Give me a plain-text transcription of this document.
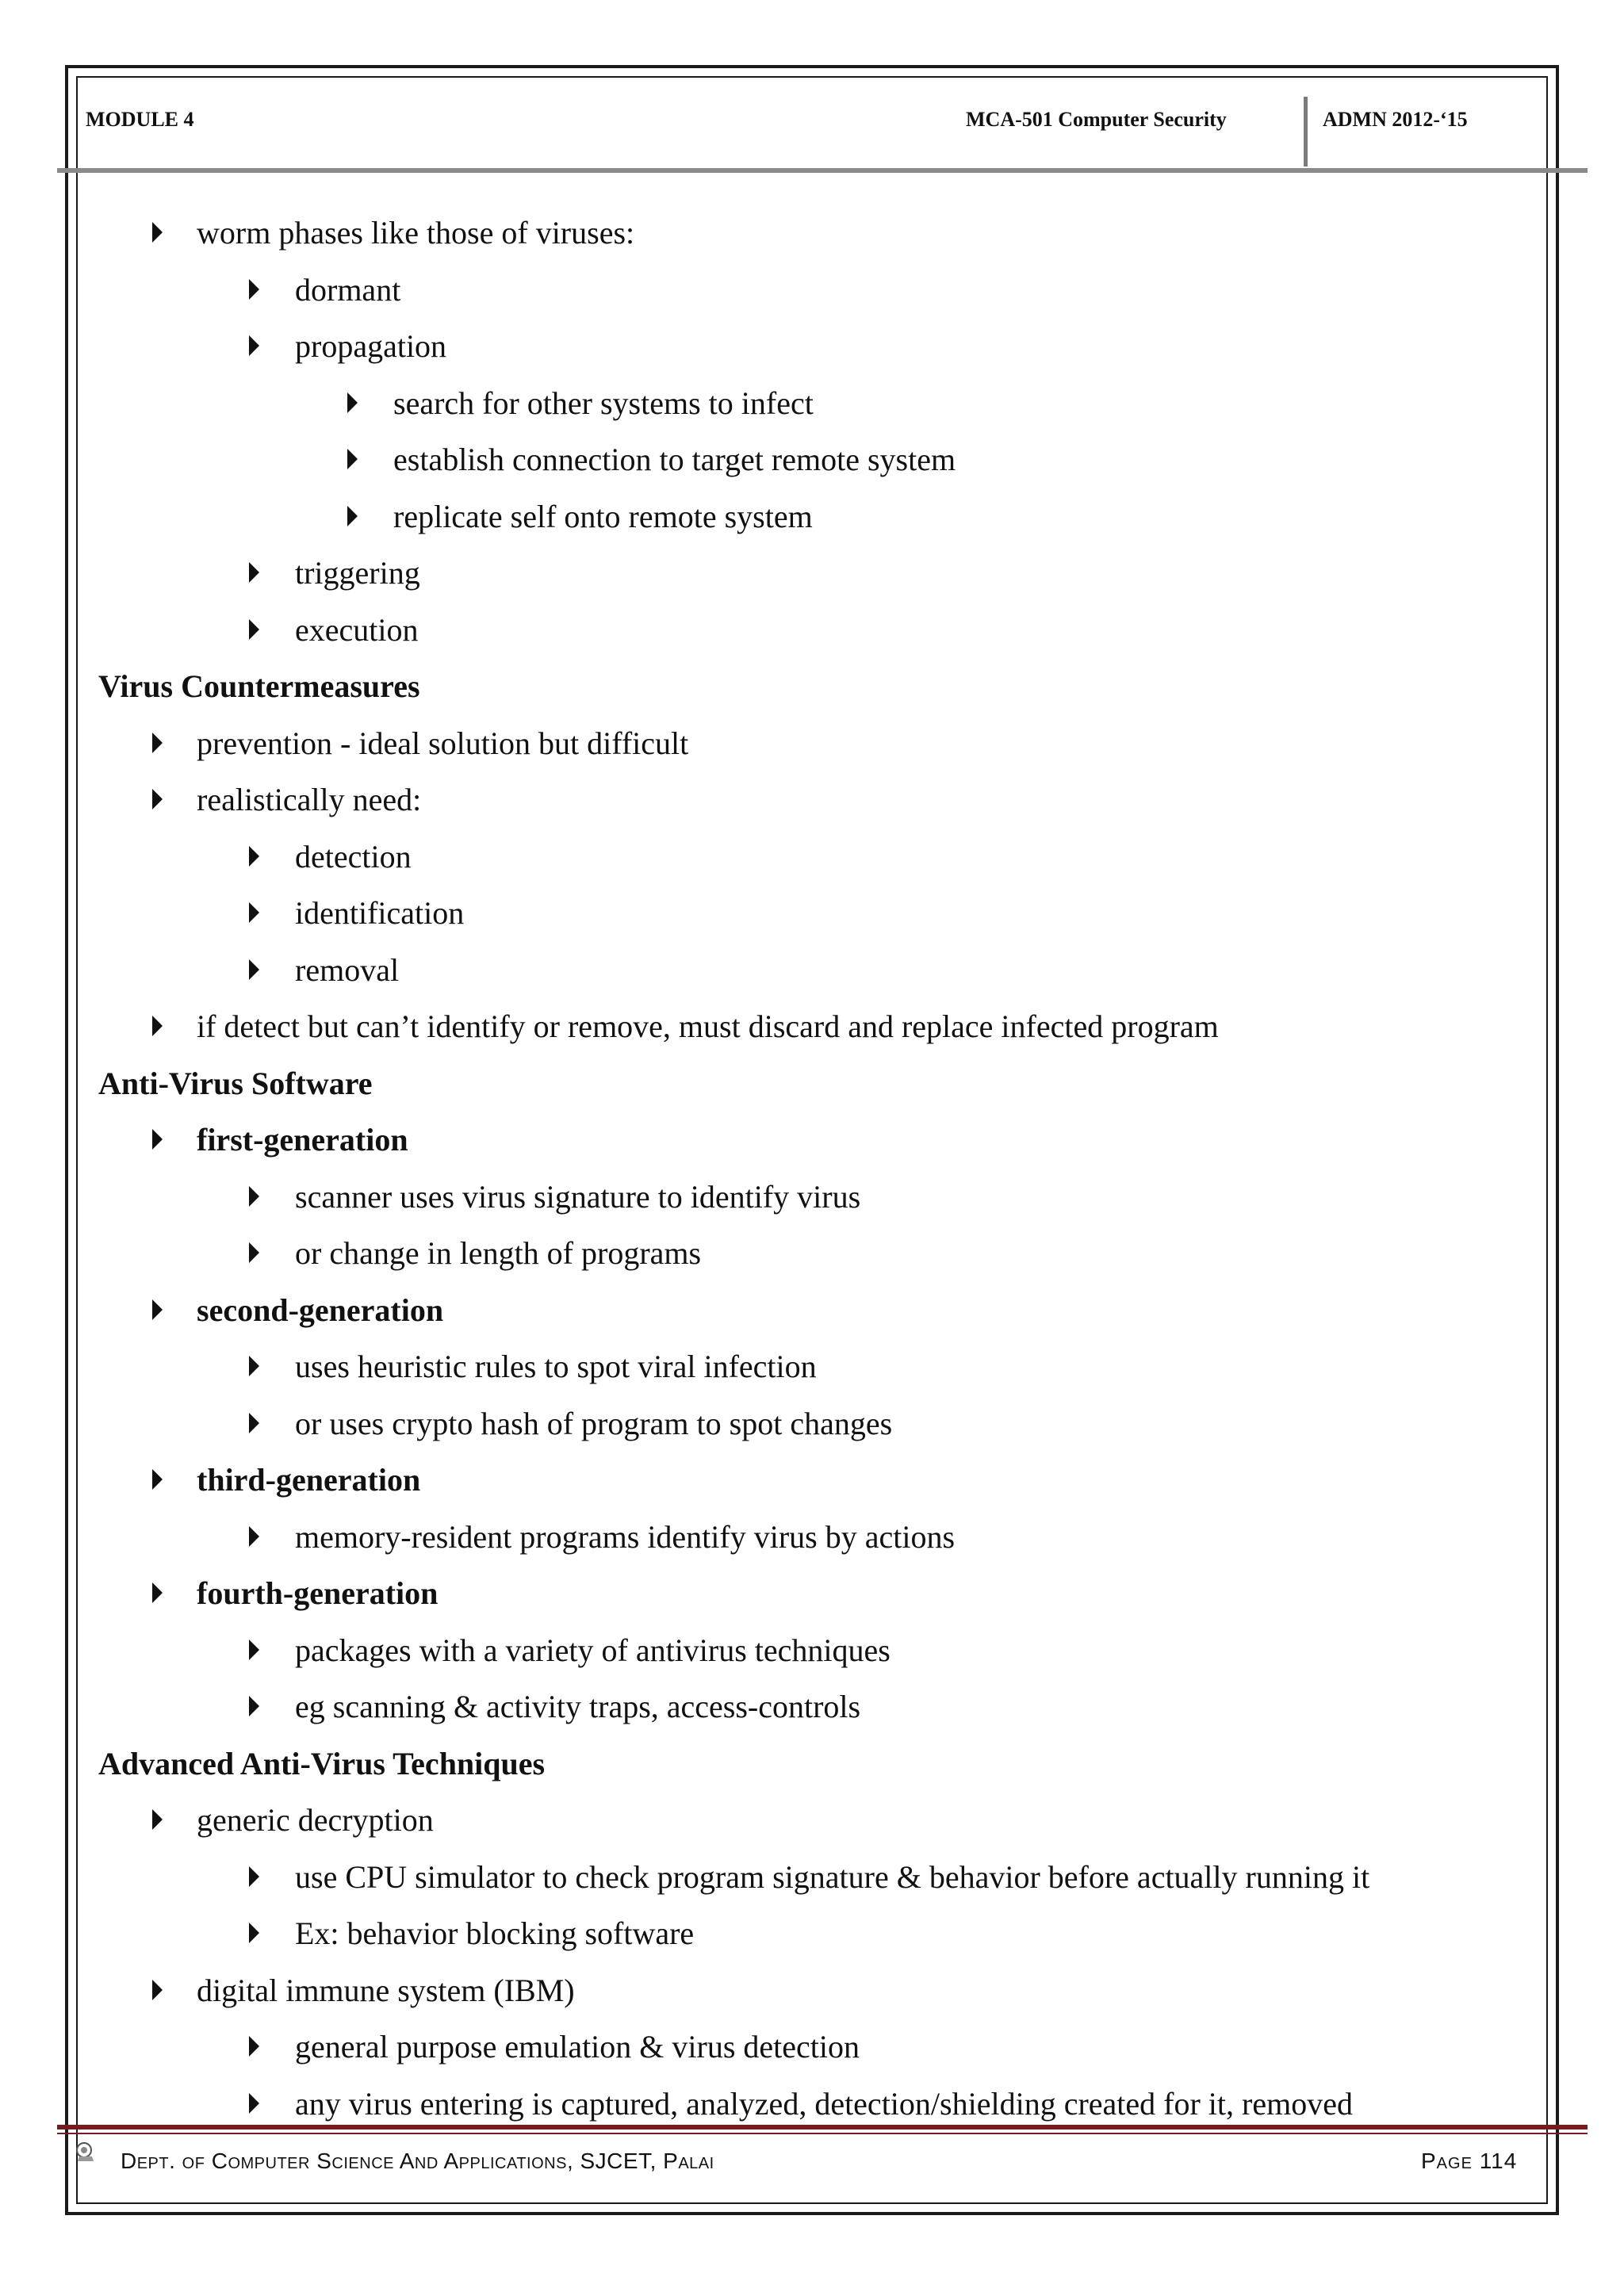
MODULE 4	MCA-501 Computer Security	ADMN 2012-‘15
worm phases like those of viruses:
dormant
propagation
search for other systems to infect
establish connection to target remote system
replicate self onto remote system
triggering
execution
Virus Countermeasures
prevention - ideal solution but difficult
realistically need:
detection
identification
removal
if detect but can’t identify or remove, must discard and replace infected program
Anti-Virus Software
first-generation
scanner uses virus signature to identify virus
or change in length of programs
second-generation
uses heuristic rules to spot viral infection
or uses crypto hash of program to spot changes
third-generation
memory-resident programs identify virus by actions
fourth-generation
packages with a variety of antivirus techniques
eg scanning & activity traps, access-controls
Advanced Anti-Virus Techniques
generic decryption
use CPU simulator to check program signature & behavior before actually running it
Ex: behavior blocking software
digital immune system (IBM)
general purpose emulation & virus detection
any virus entering is captured, analyzed, detection/shielding created for it, removed
Dept. of Computer Science And Applications, SJCET, Palai	Page 114
